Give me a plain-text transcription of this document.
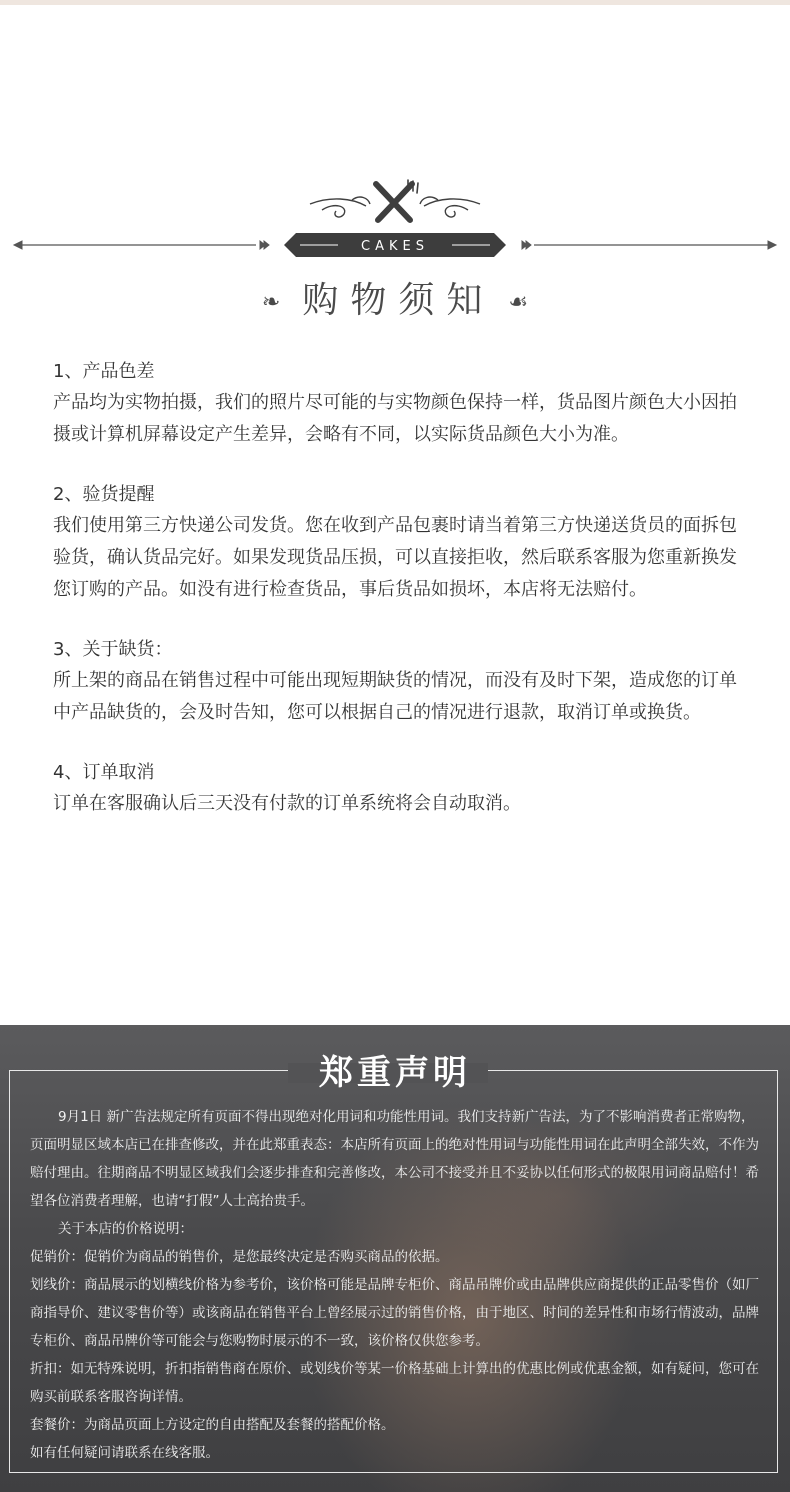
CAKES
❧ 购物须知 ☙
1、产品色差
产品均为实物拍摄，我们的照片尽可能的与实物颜色保持一样，货品图片颜色大小因拍摄或计算机屏幕设定产生差异，会略有不同，以实际货品颜色大小为准。
2、验货提醒
我们使用第三方快递公司发货。您在收到产品包裹时请当着第三方快递送货员的面拆包验货，确认货品完好。如果发现货品压损，可以直接拒收，然后联系客服为您重新换发您订购的产品。如没有进行检查货品，事后货品如损坏，本店将无法赔付。
3、关于缺货：
所上架的商品在销售过程中可能出现短期缺货的情况，而没有及时下架，造成您的订单中产品缺货的，会及时告知，您可以根据自己的情况进行退款，取消订单或换货。
4、订单取消
订单在客服确认后三天没有付款的订单系统将会自动取消。
郑重声明

9月1日 新广告法规定所有页面不得出现绝对化用词和功能性用词。我们支持新广告法，为了不影响消费者正常购物，页面明显区域本店已在排查修改，并在此郑重表态：本店所有页面上的绝对性用词与功能性用词在此声明全部失效，不作为赔付理由。往期商品不明显区域我们会逐步排查和完善修改，本公司不接受并且不妥协以任何形式的极限用词商品赔付！希望各位消费者理解，也请“打假”人士高抬贵手。

关于本店的价格说明：

促销价：促销价为商品的销售价，是您最终决定是否购买商品的依据。

划线价：商品展示的划横线价格为参考价，该价格可能是品牌专柜价、商品吊牌价或由品牌供应商提供的正品零售价（如厂商指导价、建议零售价等）或该商品在销售平台上曾经展示过的销售价格，由于地区、时间的差异性和市场行情波动，品牌专柜价、商品吊牌价等可能会与您购物时展示的不一致，该价格仅供您参考。

折扣：如无特殊说明，折扣指销售商在原价、或划线价等某一价格基础上计算出的优惠比例或优惠金额，如有疑问，您可在购买前联系客服咨询详情。

套餐价：为商品页面上方设定的自由搭配及套餐的搭配价格。

如有任何疑问请联系在线客服。
